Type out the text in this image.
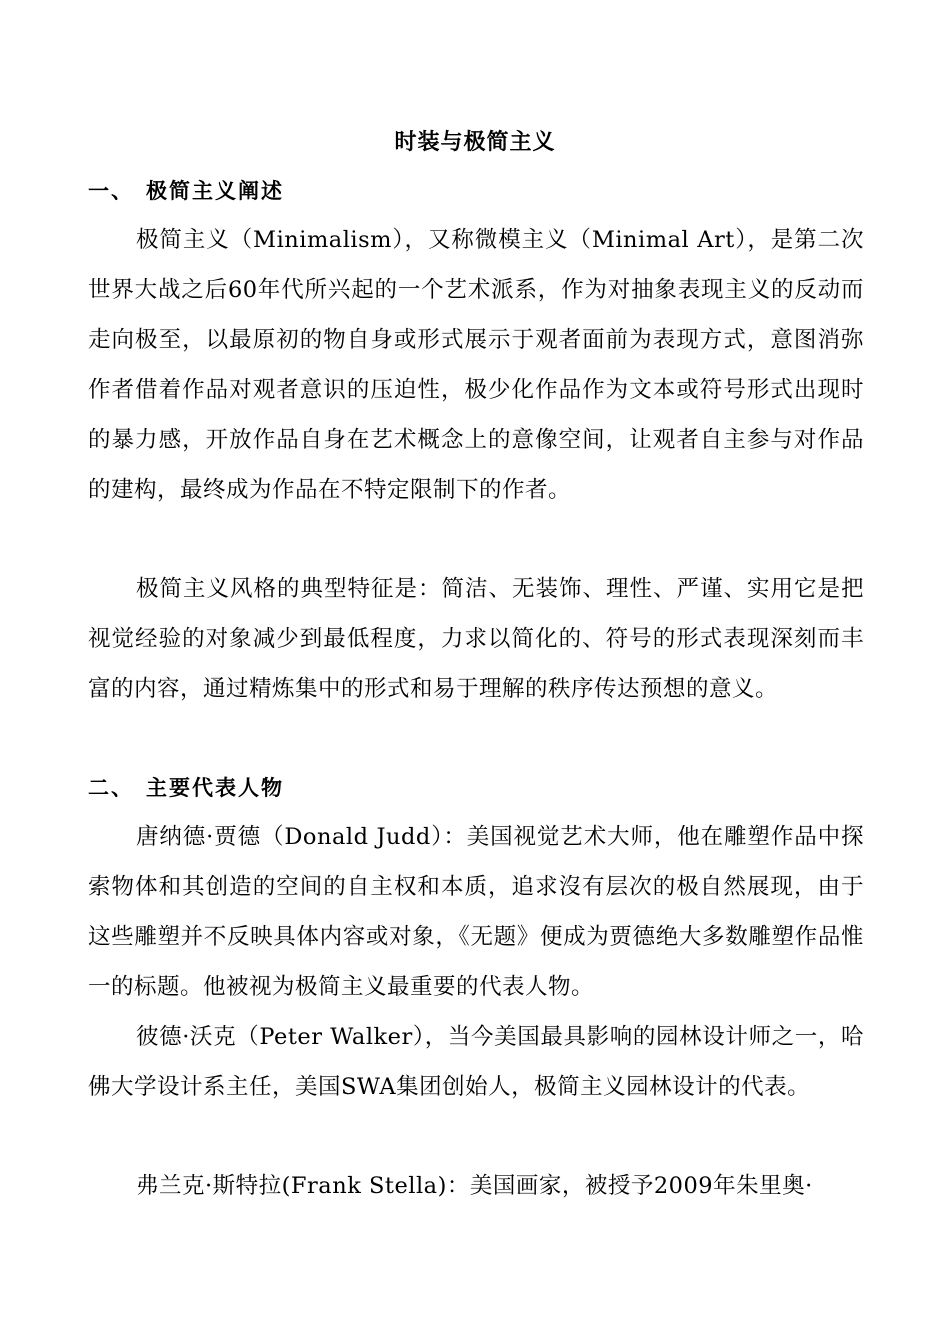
时装与极简主义
一、 极简主义阐述

极简主义（Minimalism），又称微模主义（Minimal Art），是第二次世界大战之后60年代所兴起的一个艺术派系，作为对抽象表现主义的反动而走向极至，以最原初的物自身或形式展示于观者面前为表现方式，意图消弥作者借着作品对观者意识的压迫性，极少化作品作为文本或符号形式出现时的暴力感，开放作品自身在艺术概念上的意像空间，让观者自主参与对作品的建构，最终成为作品在不特定限制下的作者。

极简主义风格的典型特征是：简洁、无装饰、理性、严谨、实用它是把视觉经验的对象减少到最低程度，力求以简化的、符号的形式表现深刻而丰富的内容，通过精炼集中的形式和易于理解的秩序传达预想的意义。

二、 主要代表人物

唐纳德·贾德（Donald Judd）：美国视觉艺术大师，他在雕塑作品中探索物体和其创造的空间的自主权和本质，追求沒有层次的极自然展现，由于这些雕塑并不反映具体内容或对象，《无题》便成为贾德绝大多数雕塑作品惟一的标题。他被视为极简主义最重要的代表人物。

彼德·沃克（Peter Walker），当今美国最具影响的园林设计师之一，哈佛大学设计系主任，美国SWA集团创始人，极简主义园林设计的代表。

弗兰克·斯特拉(Frank Stella)：美国画家，被授予2009年朱里奥·
